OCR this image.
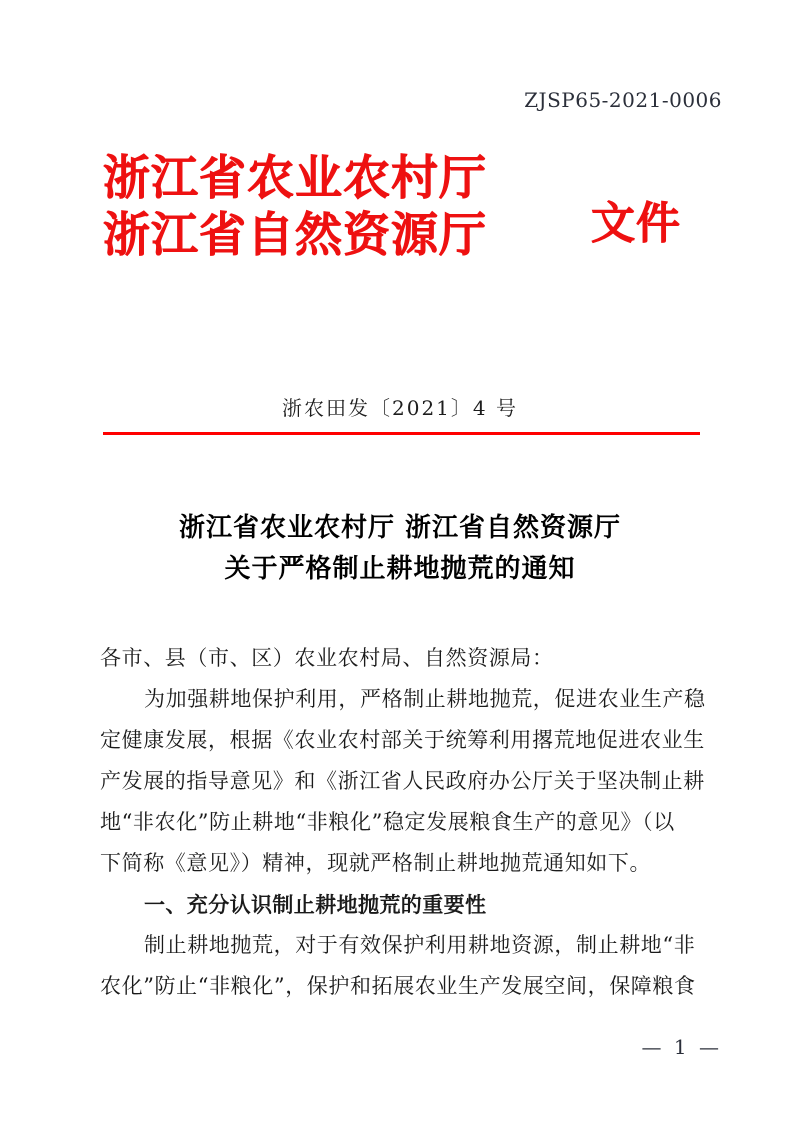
ZJSP65-2021-0006
浙江省农业农村厅
浙江省自然资源厅	文件
浙农田发〔2021〕4 号
浙江省农业农村厅 浙江省自然资源厅
关于严格制止耕地抛荒的通知
各市、县（市、区）农业农村局、自然资源局：
为加强耕地保护利用，严格制止耕地抛荒，促进农业生产稳
定健康发展，根据《农业农村部关于统筹利用撂荒地促进农业生
产发展的指导意见》和《浙江省人民政府办公厅关于坚决制止耕
地“非农化”防止耕地“非粮化”稳定发展粮食生产的意见》（以
下简称《意见》）精神，现就严格制止耕地抛荒通知如下。
一、充分认识制止耕地抛荒的重要性
制止耕地抛荒，对于有效保护利用耕地资源，制止耕地“非
农化”防止“非粮化”，保护和拓展农业生产发展空间，保障粮食
— 1 —
